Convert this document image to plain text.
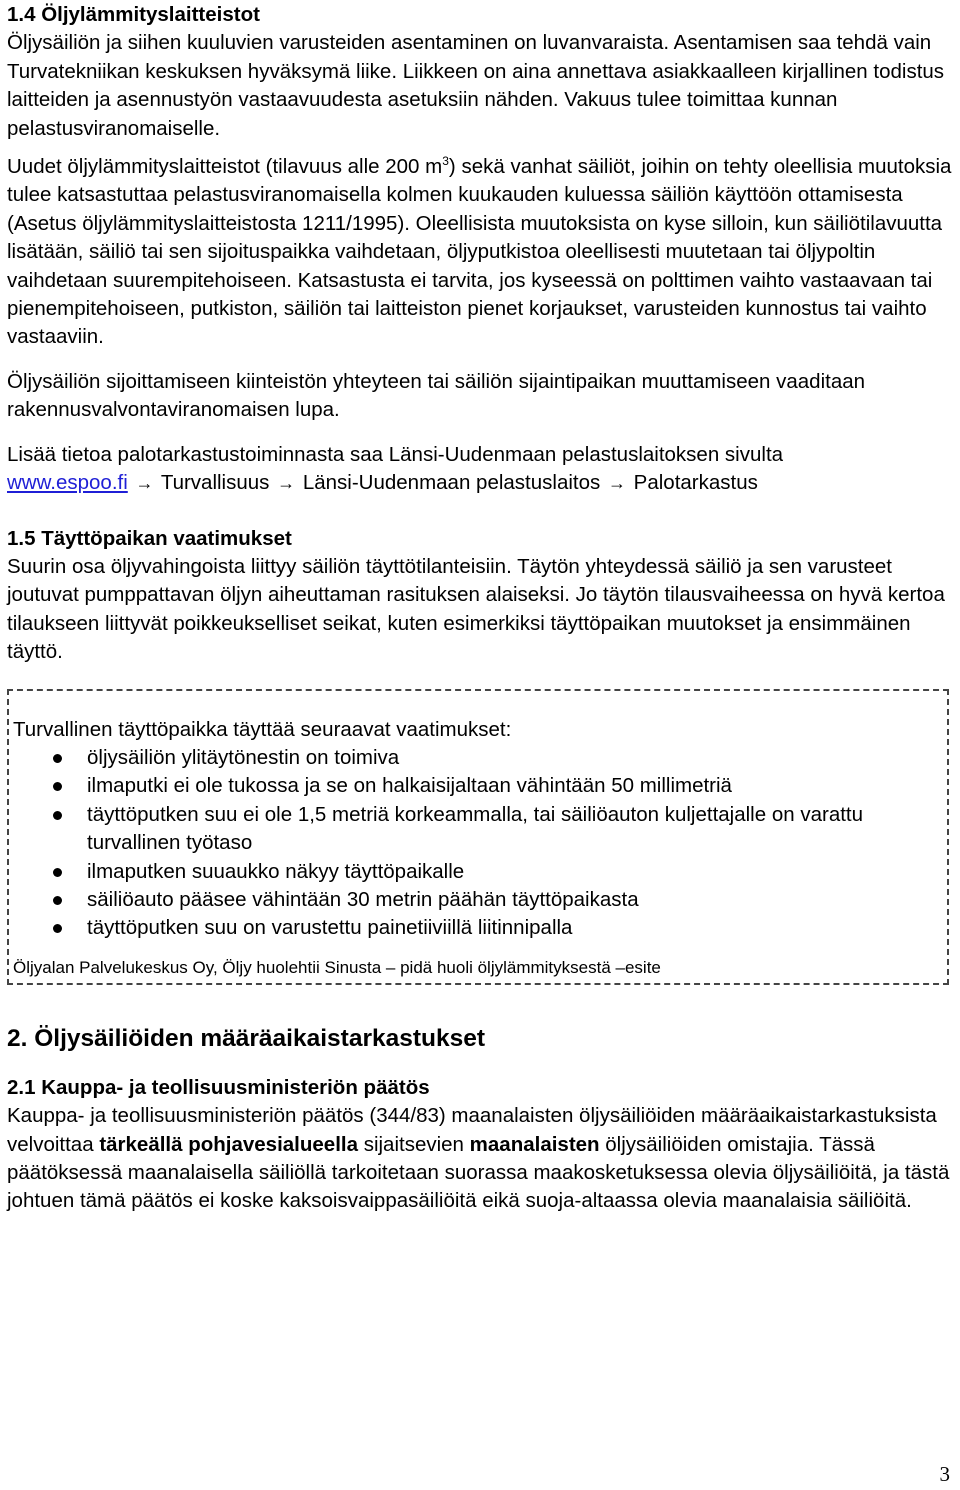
1.4 Öljylämmityslaitteistot

Öljysäiliön ja siihen kuuluvien varusteiden asentaminen on luvanvaraista. Asentamisen saa tehdä vain Turvatekniikan keskuksen hyväksymä liike. Liikkeen on aina annettava asiakkaalleen kirjallinen todistus laitteiden ja asennustyön vastaavuudesta asetuksiin nähden. Vakuus tulee toimittaa kunnan pelastusviranomaiselle.

Uudet öljylämmityslaitteistot (tilavuus alle 200 $m^3$) sekä vanhat säiliöt, joihin on tehty oleellisia muutoksia tulee katsastuttaa pelastusviranomaisella kolmen kuukauden kuluessa säiliön käyttöön ottamisesta (Asetus öljylämmityslaitteistosta 1211/1995). Oleellisista muutoksista on kyse silloin, kun säiliötilavuutta lisätään, säiliö tai sen sijoituspaikka vaihdetaan, öljyputkistoa oleellisesti muutetaan tai öljypoltin vaihdetaan suurempitehoiseen. Katsastusta ei tarvita, jos kyseessä on polttimen vaihto vastaavaan tai pienempitehoiseen, putkiston, säiliön tai laitteiston pienet korjaukset, varusteiden kunnostus tai vaihto vastaaviin.

Öljysäiliön sijoittamiseen kiinteistön yhteyteen tai säiliön sijaintipaikan muuttamiseen vaaditaan rakennusvalvontaviranomaisen lupa.

Lisää tietoa palotarkastustoiminnasta saa Länsi-Uudenmaan pelastuslaitoksen sivulta
www.espoo.fi → Turvallisuus → Länsi-Uudenmaan pelastuslaitos → Palotarkastus

1.5 Täyttöpaikan vaatimukset

Suurin osa öljyvahingoista liittyy säiliön täyttötilanteisiin. Täytön yhteydessä säiliö ja sen varusteet joutuvat pumppattavan öljyn aiheuttaman rasituksen alaiseksi. Jo täytön tilausvaiheessa on hyvä kertoa tilaukseen liittyvät poikkeukselliset seikat, kuten esimerkiksi täyttöpaikan muutokset ja ensimmäinen täyttö.

Turvallinen täyttöpaikka täyttää seuraavat vaatimukset:

öljysäiliön ylitäytönestin on toimiva
ilmaputki ei ole tukossa ja se on halkaisijaltaan vähintään 50 millimetriä
täyttöputken suu ei ole 1,5 metriä korkeammalla, tai säiliöauton kuljettajalle on varattu turvallinen työtaso
ilmaputken suuaukko näkyy täyttöpaikalle
säiliöauto pääsee vähintään 30 metrin päähän täyttöpaikasta
täyttöputken suu on varustettu painetiiviillä liitinnipalla

Öljyalan Palvelukeskus Oy, Öljy huolehtii Sinusta – pidä huoli öljylämmityksestä –esite

2. Öljysäiliöiden määräaikaistarkastukset

2.1 Kauppa- ja teollisuusministeriön päätös

Kauppa- ja teollisuusministeriön päätös (344/83) maanalaisten öljysäiliöiden määräaikaistarkastuksista velvoittaa tärkeällä pohjavesialueella sijaitsevien maanalaisten öljysäiliöiden omistajia. Tässä päätöksessä maanalaisella säiliöllä tarkoitetaan suorassa maakosketuksessa olevia öljysäiliöitä, ja tästä johtuen tämä päätös ei koske kaksoisvaippasäiliöitä eikä suoja-altaassa olevia maanalaisia säiliöitä.

3
